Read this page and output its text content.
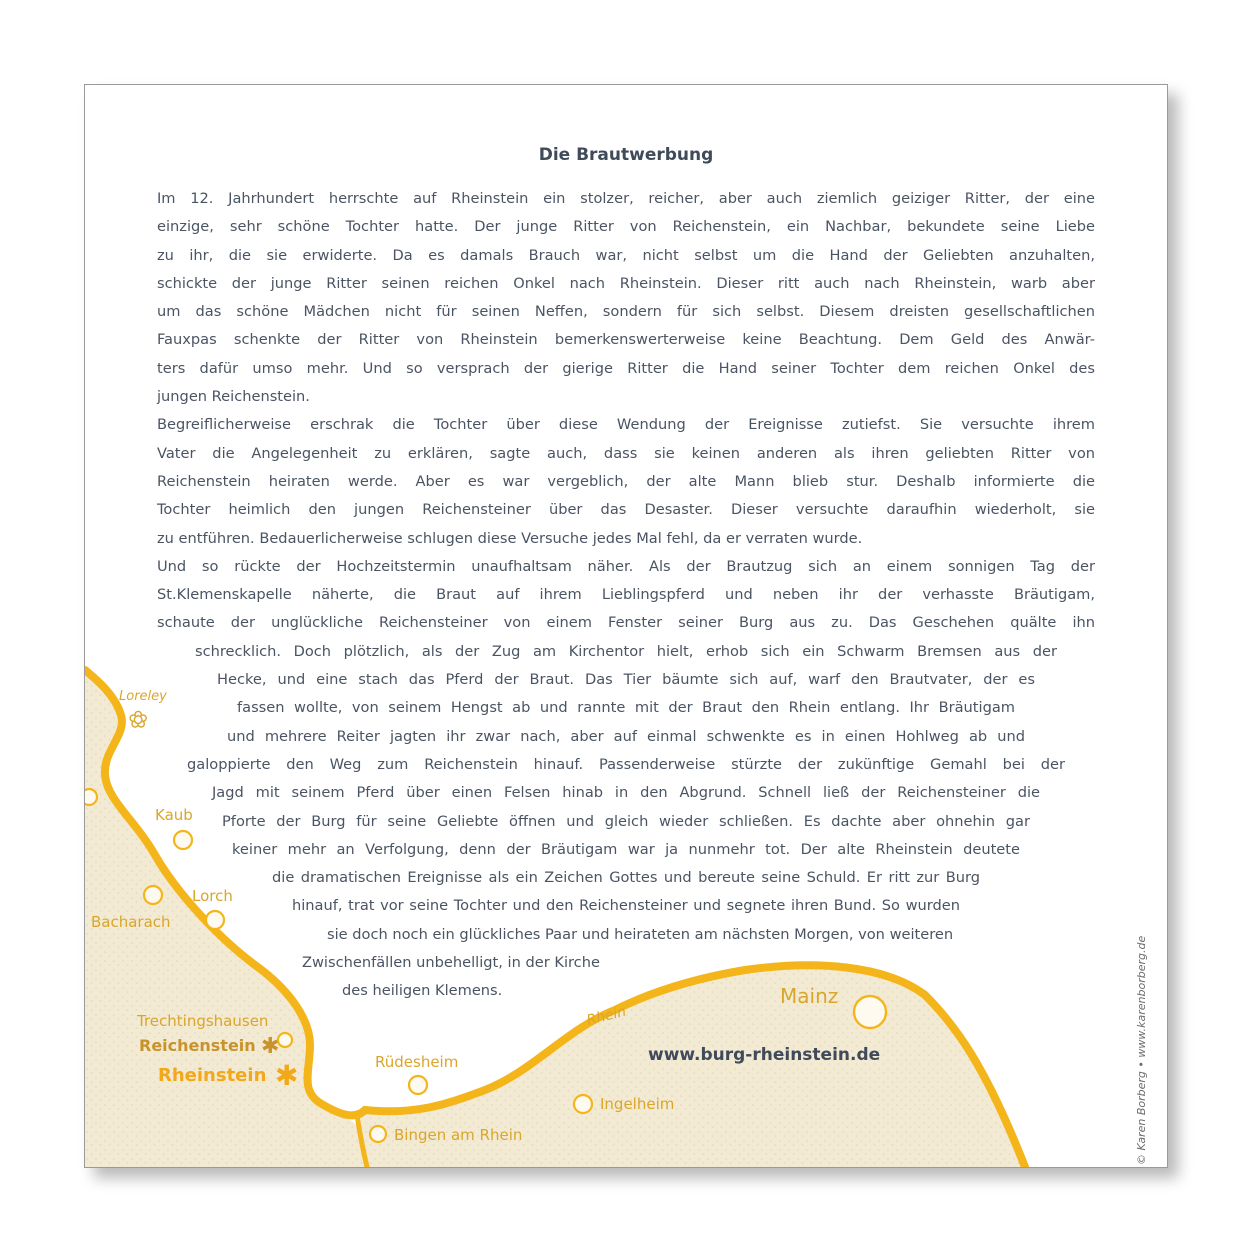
Rhein
Loreley
✿
Kaub
Bacharach
Lorch
Trechtingshausen
Reichenstein ✱
Rheinstein ✱	Rüdesheim
Bingen am Rhein
Ingelheim
Mainz
www.burg-rheinstein.de
Die Brautwerbung
Im 12. Jahrhundert herrschte auf Rheinstein ein stolzer, reicher, aber auch ziemlich geiziger Ritter, der eine
einzige, sehr schöne Tochter hatte. Der junge Ritter von Reichenstein, ein Nachbar, bekundete seine Liebe
zu ihr, die sie erwiderte. Da es damals Brauch war, nicht selbst um die Hand der Geliebten anzuhalten,
schickte der junge Ritter seinen reichen Onkel nach Rheinstein. Dieser ritt auch nach Rheinstein, warb aber
um das schöne Mädchen nicht für seinen Neffen, sondern für sich selbst. Diesem dreisten gesellschaftlichen
Fauxpas schenkte der Ritter von Rheinstein bemerkenswerterweise keine Beachtung. Dem Geld des Anwär-
ters dafür umso mehr. Und so versprach der gierige Ritter die Hand seiner Tochter dem reichen Onkel des
jungen Reichenstein.
Begreiflicherweise erschrak die Tochter über diese Wendung der Ereignisse zutiefst. Sie versuchte ihrem
Vater die Angelegenheit zu erklären, sagte auch, dass sie keinen anderen als ihren geliebten Ritter von
Reichenstein heiraten werde. Aber es war vergeblich, der alte Mann blieb stur. Deshalb informierte die
Tochter heimlich den jungen Reichensteiner über das Desaster. Dieser versuchte daraufhin wiederholt, sie
zu entführen. Bedauerlicherweise schlugen diese Versuche jedes Mal fehl, da er verraten wurde.
Und so rückte der Hochzeitstermin unaufhaltsam näher. Als der Brautzug sich an einem sonnigen Tag der
St.Klemenskapelle näherte, die Braut auf ihrem Lieblingspferd und neben ihr der verhasste Bräutigam,
schaute der unglückliche Reichensteiner von einem Fenster seiner Burg aus zu. Das Geschehen quälte ihn
schrecklich. Doch plötzlich, als der Zug am Kirchentor hielt, erhob sich ein Schwarm Bremsen aus der
Hecke, und eine stach das Pferd der Braut. Das Tier bäumte sich auf, warf den Brautvater, der es
fassen wollte, von seinem Hengst ab und rannte mit der Braut den Rhein entlang. Ihr Bräutigam
und mehrere Reiter jagten ihr zwar nach, aber auf einmal schwenkte es in einen Hohlweg ab und
galoppierte den Weg zum Reichenstein hinauf. Passenderweise stürzte der zukünftige Gemahl bei der
Jagd mit seinem Pferd über einen Felsen hinab in den Abgrund. Schnell ließ der Reichensteiner die
Pforte der Burg für seine Geliebte öffnen und gleich wieder schließen. Es dachte aber ohnehin gar
keiner mehr an Verfolgung, denn der Bräutigam war ja nunmehr tot. Der alte Rheinstein deutete
die dramatischen Ereignisse als ein Zeichen Gottes und bereute seine Schuld. Er ritt zur Burg
hinauf, trat vor seine Tochter und den Reichensteiner und segnete ihren Bund. So wurden
sie doch noch ein glückliches Paar und heirateten am nächsten Morgen, von weiteren
Zwischenfällen unbehelligt, in der Kirche
des heiligen Klemens.	© Karen Borberg • www.karenborberg.de
